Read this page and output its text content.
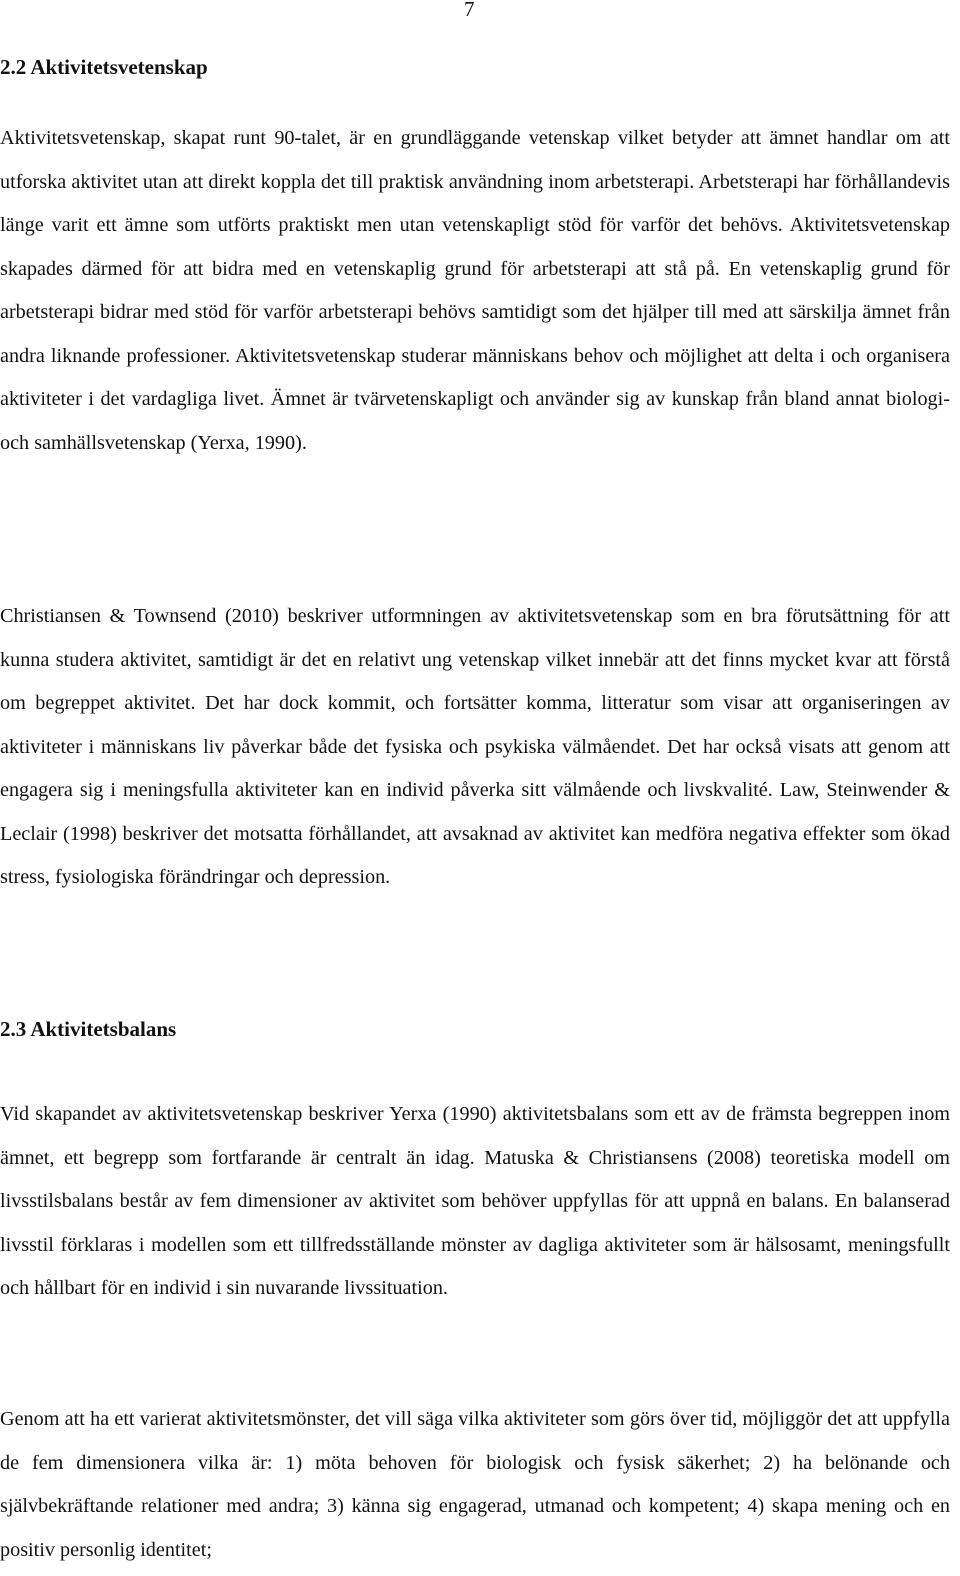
7
2.2 Aktivitetsvetenskap

Aktivitetsvetenskap, skapat runt 90-talet, är en grundläggande vetenskap vilket betyder att ämnet handlar om att utforska aktivitet utan att direkt koppla det till praktisk användning inom arbetsterapi. Arbetsterapi har förhållandevis länge varit ett ämne som utförts praktiskt men utan vetenskapligt stöd för varför det behövs. Aktivitetsvetenskap skapades därmed för att bidra med en vetenskaplig grund för arbetsterapi att stå på. En vetenskaplig grund för arbetsterapi bidrar med stöd för varför arbetsterapi behövs samtidigt som det hjälper till med att särskilja ämnet från andra liknande professioner. Aktivitetsvetenskap studerar människans behov och möjlighet att delta i och organisera aktiviteter i det vardagliga livet. Ämnet är tvärvetenskapligt och använder sig av kunskap från bland annat biologi- och samhällsvetenskap (Yerxa, 1990).

Christiansen & Townsend (2010) beskriver utformningen av aktivitetsvetenskap som en bra förutsättning för att kunna studera aktivitet, samtidigt är det en relativt ung vetenskap vilket innebär att det finns mycket kvar att förstå om begreppet aktivitet. Det har dock kommit, och fortsätter komma, litteratur som visar att organiseringen av aktiviteter i människans liv påverkar både det fysiska och psykiska välmåendet. Det har också visats att genom att engagera sig i meningsfulla aktiviteter kan en individ påverka sitt välmående och livskvalité. Law, Steinwender & Leclair (1998) beskriver det motsatta förhållandet, att avsaknad av aktivitet kan medföra negativa effekter som ökad stress, fysiologiska förändringar och depression.

2.3 Aktivitetsbalans

Vid skapandet av aktivitetsvetenskap beskriver Yerxa (1990) aktivitetsbalans som ett av de främsta begreppen inom ämnet, ett begrepp som fortfarande är centralt än idag. Matuska & Christiansens (2008) teoretiska modell om livsstilsbalans består av fem dimensioner av aktivitet som behöver uppfyllas för att uppnå en balans. En balanserad livsstil förklaras i modellen som ett tillfredsställande mönster av dagliga aktiviteter som är hälsosamt, meningsfullt och hållbart för en individ i sin nuvarande livssituation.

Genom att ha ett varierat aktivitetsmönster, det vill säga vilka aktiviteter som görs över tid, möjliggör det att uppfylla de fem dimensionera vilka är: 1) möta behoven för biologisk och fysisk säkerhet; 2) ha belönande och självbekräftande relationer med andra; 3) känna sig engagerad, utmanad och kompetent; 4) skapa mening och en positiv personlig identitet;
